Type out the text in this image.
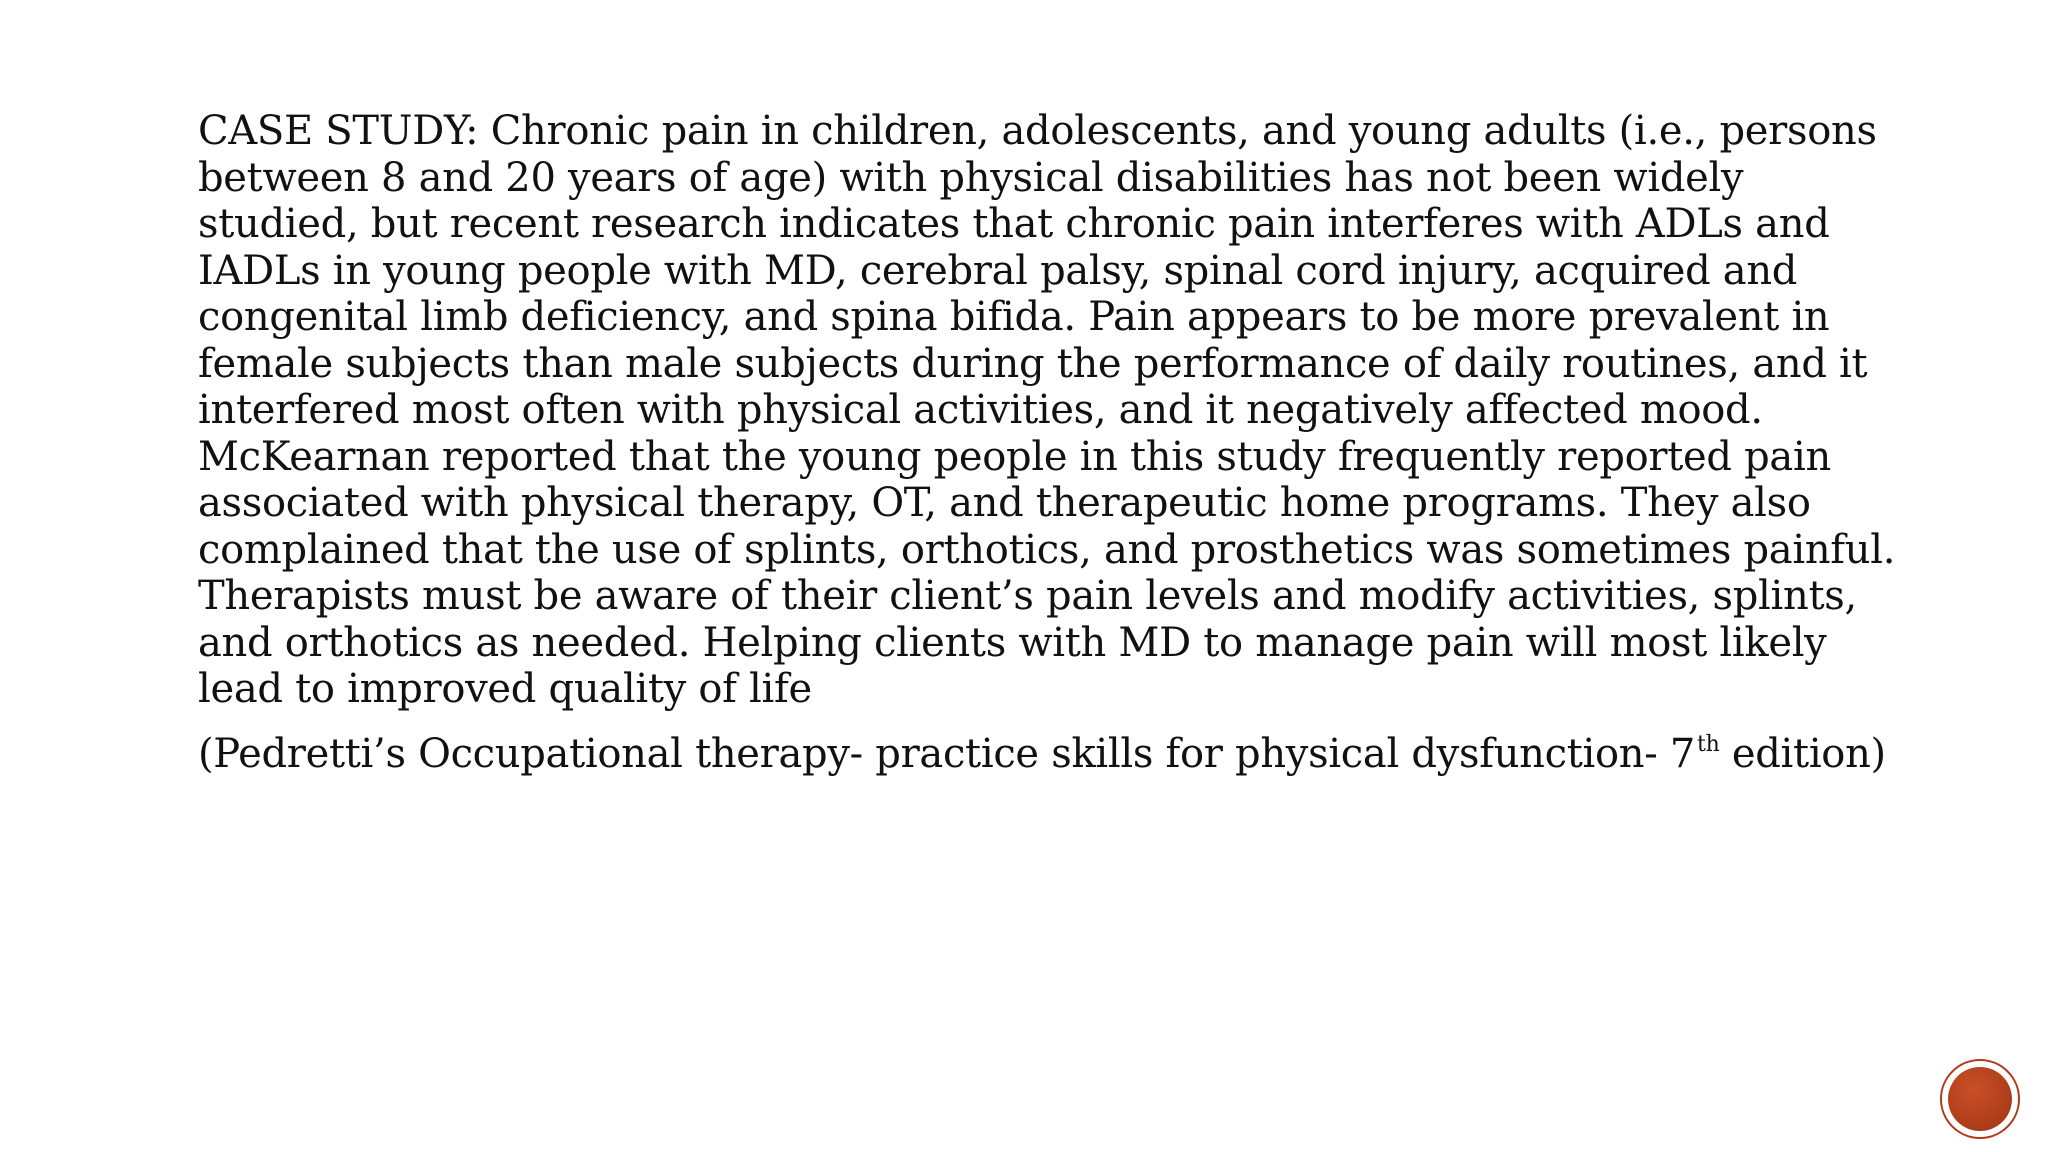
CASE STUDY: Chronic pain in children, adolescents, and young adults (i.e., persons
between 8 and 20 years of age) with physical disabilities has not been widely
studied, but recent research indicates that chronic pain interferes with ADLs and
IADLs in young people with MD, cerebral palsy, spinal cord injury, acquired and
congenital limb deficiency, and spina bifida. Pain appears to be more prevalent in
female subjects than male subjects during the performance of daily routines, and it
interfered most often with physical activities, and it negatively affected mood.
McKearnan reported that the young people in this study frequently reported pain
associated with physical therapy, OT, and therapeutic home programs. They also
complained that the use of splints, orthotics, and prosthetics was sometimes painful.
Therapists must be aware of their client’s pain levels and modify activities, splints,
and orthotics as needed. Helping clients with MD to manage pain will most likely
lead to improved quality of life

(Pedretti’s Occupational therapy- practice skills for physical dysfunction- 7th edition)
